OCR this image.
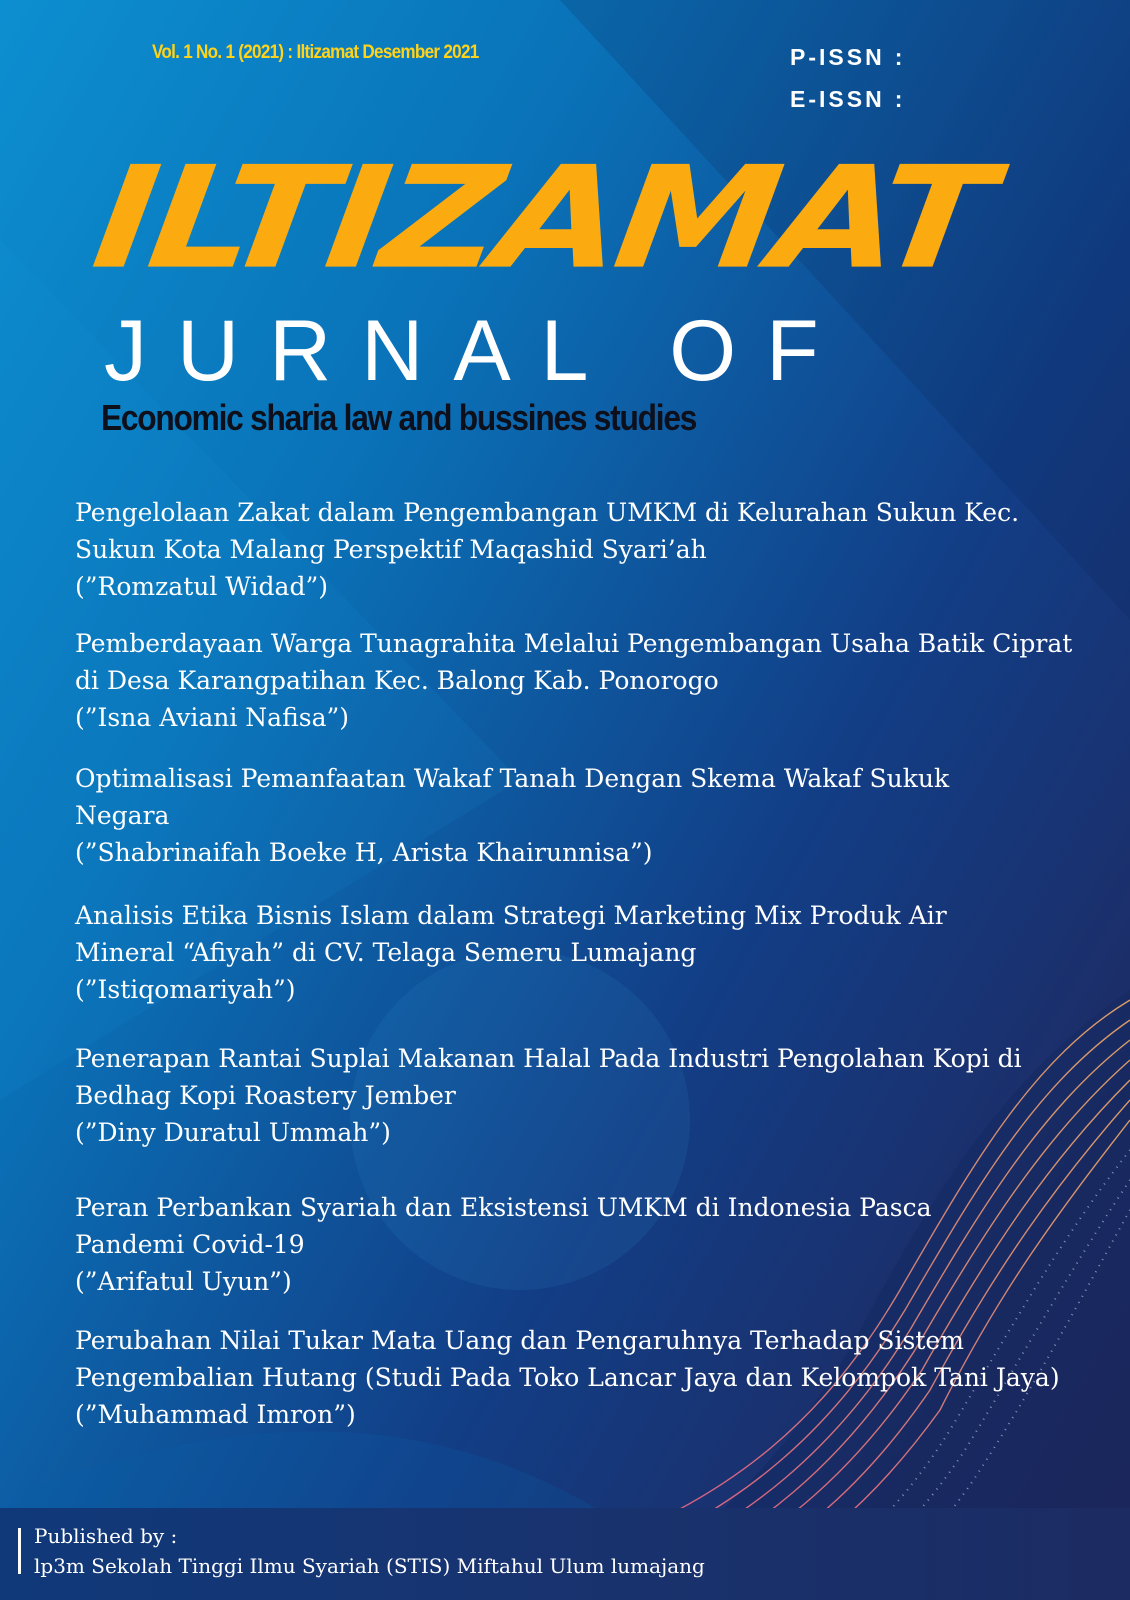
Vol. 1 No. 1 (2021) : Iltizamat Desember 2021	P-ISSN :
E-ISSN :
ILTIZAMAT
JURNAL OF
Economic sharia law and bussines studies
Pengelolaan Zakat dalam Pengembangan UMKM di Kelurahan Sukun Kec.
Sukun Kota Malang Perspektif Maqashid Syari’ah
(”Romzatul Widad”)
Pemberdayaan Warga Tunagrahita Melalui Pengembangan Usaha Batik Ciprat
di Desa Karangpatihan Kec. Balong Kab. Ponorogo
(”Isna Aviani Nafisa”)
Optimalisasi Pemanfaatan Wakaf Tanah Dengan Skema Wakaf Sukuk
Negara
(”Shabrinaifah Boeke H, Arista Khairunnisa”)
Analisis Etika Bisnis Islam dalam Strategi Marketing Mix Produk Air
Mineral “Afiyah” di CV. Telaga Semeru Lumajang
(”Istiqomariyah”)
Penerapan Rantai Suplai Makanan Halal Pada Industri Pengolahan Kopi di
Bedhag Kopi Roastery Jember
(”Diny Duratul Ummah”)
Peran Perbankan Syariah dan Eksistensi UMKM di Indonesia Pasca
Pandemi Covid-19
(”Arifatul Uyun”)
Perubahan Nilai Tukar Mata Uang dan Pengaruhnya Terhadap Sistem
Pengembalian Hutang (Studi Pada Toko Lancar Jaya dan Kelompok Tani Jaya)
(”Muhammad Imron”)
Published by :
lp3m Sekolah Tinggi Ilmu Syariah (STIS) Miftahul Ulum lumajang
